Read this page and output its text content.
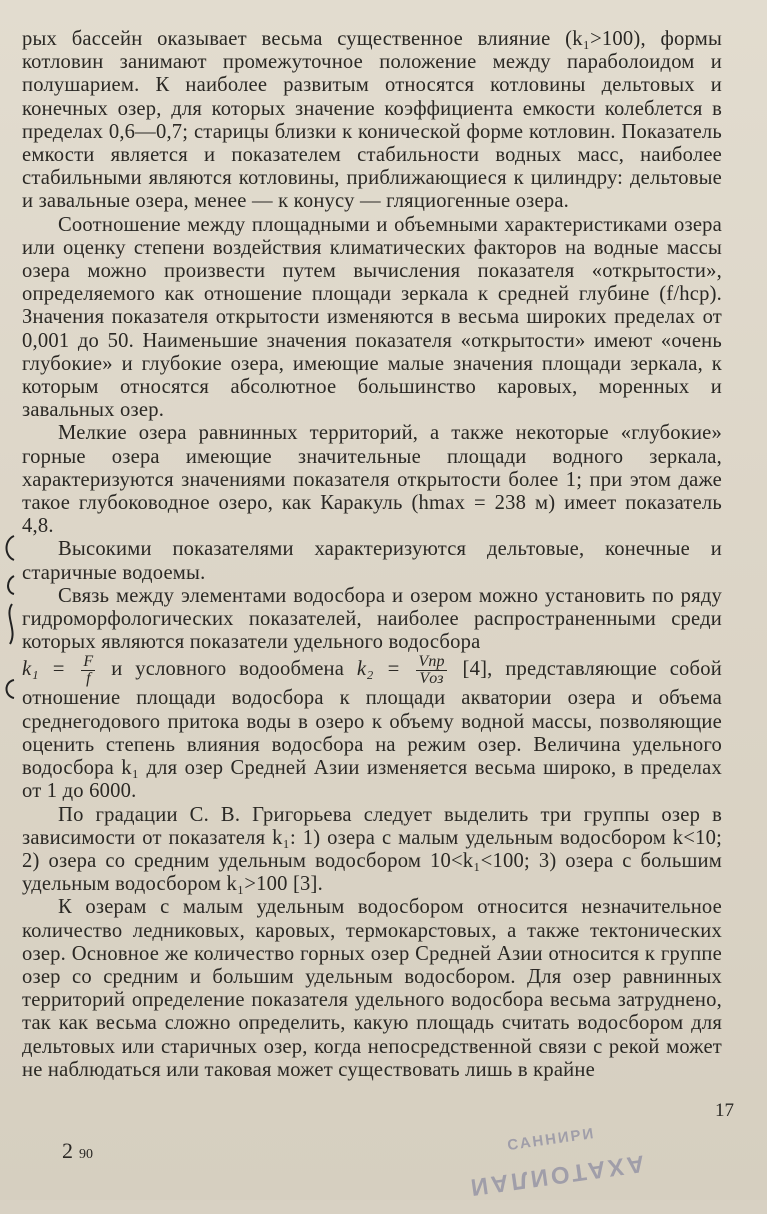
рых бассейн оказывает весьма существенное влияние (k₁>100), формы котловин занимают промежуточное положение между параболоидом и полушарием. К наиболее развитым относятся котловины дельтовых и конечных озер, для которых значение коэффициента емкости колеблется в пределах 0,6—0,7; старицы близки к конической форме котловин. Показатель емкости является и показателем стабильности водных масс, наиболее стабильными являются котловины, приближающиеся к цилиндру: дельтовые и завальные озера, менее — к конусу — гляциогенные озера.

Соотношение между площадными и объемными характеристиками озера или оценку степени воздействия климатических факторов на водные массы озера можно произвести путем вычисления показателя «открытости», определяемого как отношение площади зеркала к средней глубине (f/hср). Значения показателя открытости изменяются в весьма широких пределах от 0,001 до 50. Наименьшие значения показателя «открытости» имеют «очень глубокие» и глубокие озера, имеющие малые значения площади зеркала, к которым относятся абсолютное большинство каровых, моренных и завальных озер.

Мелкие озера равнинных территорий, а также некоторые «глубокие» горные озера имеющие значительные площади водного зеркала, характеризуются значениями показателя открытости более 1; при этом даже такое глубоководное озеро, как Каракуль (hmax = 238 м) имеет показатель 4,8.

Высокими показателями характеризуются дельтовые, конечные и старичные водоемы.

Связь между элементами водосбора и озером можно установить по ряду гидроморфологических показателей, наиболее распространенными среди которых являются показатели удельного водосбора

$k_1 = \frac{F}{f}$ и условного водообмена $k_2 = \frac{\text{Vпр}}{\text{Vоз}} [4]$, представляющие собой отношение площади водосбора к площади акватории озера и объема среднегодового притока воды в озеро к объему водной массы, позволяющие оценить степень влияния водосбора на режим озер. Величина удельного водосбора k₁ для озер Средней Азии изменяется весьма широко, в пределах от 1 до 6000.

По градации С. В. Григорьева следует выделить три группы озер в зависимости от показателя k₁: 1) озера с малым удельным водосбором k<10; 2) озера со средним удельным водосбором 10<k₁<100; 3) озера с большим удельным водосбором k₁>100 [3].

К озерам с малым удельным водосбором относится незначительное количество ледниковых, каровых, термокарстовых, а также тектонических озер. Основное же количество горных озер Средней Азии относится к группе озер со средним и большим удельным водосбором. Для озер равнинных территорий определение показателя удельного водосбора весьма затруднено, так как весьма сложно определить, какую площадь считать водосбором для дельтовых или старичных озер, когда непосредственной связи с рекой может не наблюдаться или таковая может существовать лишь в крайне

2 90
17
САННИРИ
АХАТОИЛАИ
